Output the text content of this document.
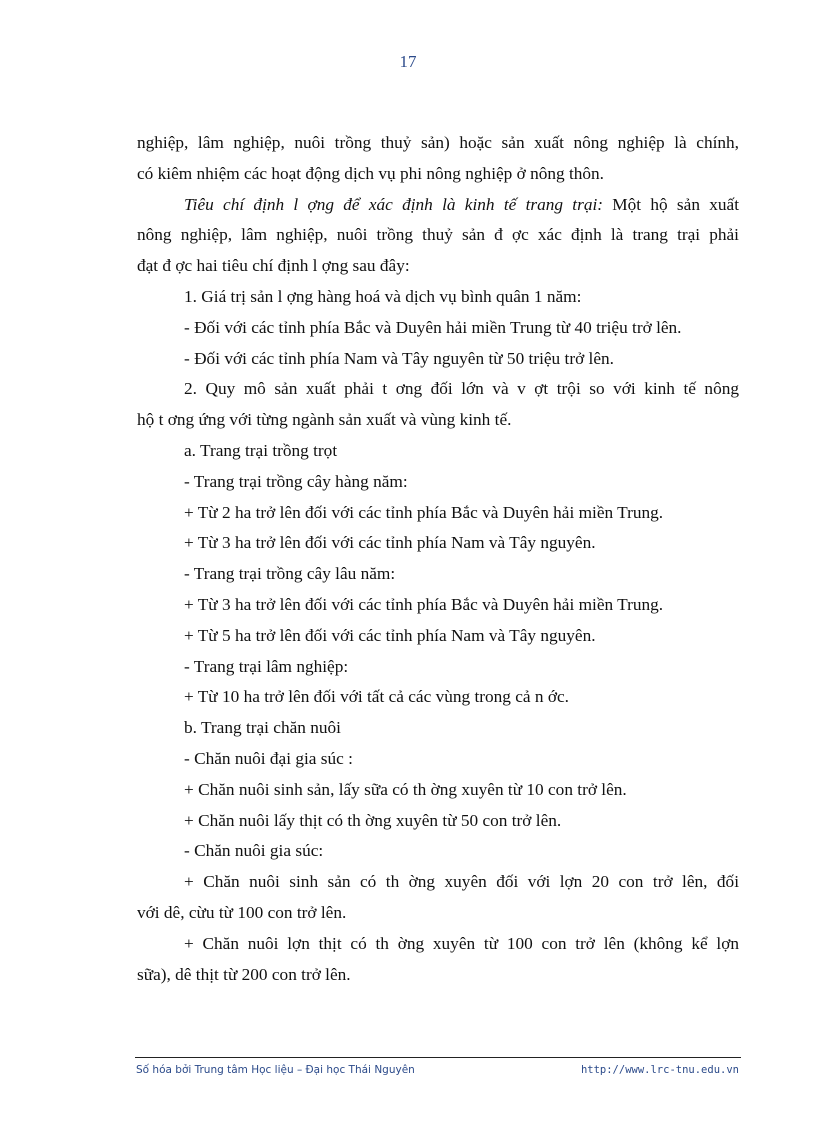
17

nghiệp, lâm nghiệp, nuôi trồng thuỷ sản) hoặc sản xuất nông nghiệp là chính,
có kiêm nhiệm các hoạt động dịch vụ phi nông nghiệp ở nông thôn.

Tiêu chí định l ợng để xác định là kinh tế trang trại: Một hộ sản xuất
nông nghiệp, lâm nghiệp, nuôi trồng thuỷ sản đ ợc xác định là trang trại phải
đạt đ ợc hai tiêu chí định l ợng sau đây:

1. Giá trị sản l ợng hàng hoá và dịch vụ bình quân 1 năm:

- Đối với các tỉnh phía Bắc và Duyên hải miền Trung từ 40 triệu trở lên.

- Đối với các tỉnh phía Nam và Tây nguyên từ 50 triệu trở lên.

2. Quy mô sản xuất phải t ơng đối lớn và v ợt trội so với kinh tế nông
hộ t ơng ứng với từng ngành sản xuất và vùng kinh tế.

a. Trang trại trồng trọt

- Trang trại trồng cây hàng năm:

+ Từ 2 ha trở lên đối với các tỉnh phía Bắc và Duyên hải miền Trung.

+ Từ 3 ha trở lên đối với các tỉnh phía Nam và Tây nguyên.

- Trang trại trồng cây lâu năm:

+ Từ 3 ha trở lên đối với các tỉnh phía Bắc và Duyên hải miền Trung.

+ Từ 5 ha trở lên đối với các tỉnh phía Nam và Tây nguyên.

- Trang trại lâm nghiệp:

+ Từ 10 ha trở lên đối với tất cả các vùng trong cả n ớc.

b. Trang trại chăn nuôi

- Chăn nuôi đại gia súc :

+ Chăn nuôi sinh sản, lấy sữa có th ờng xuyên từ 10 con trở lên.

+ Chăn nuôi lấy thịt có th ờng xuyên từ 50 con trở lên.

- Chăn nuôi gia súc:

+ Chăn nuôi sinh sản có th ờng xuyên đối với lợn 20 con trở lên, đối
với dê, cừu từ 100 con trở lên.

+ Chăn nuôi lợn thịt có th ờng xuyên từ 100 con trở lên (không kể lợn
sữa), dê thịt từ 200 con trở lên.

Số hóa bởi Trung tâm Học liệu – Đại học Thái Nguyên	http://www.lrc-tnu.edu.vn
